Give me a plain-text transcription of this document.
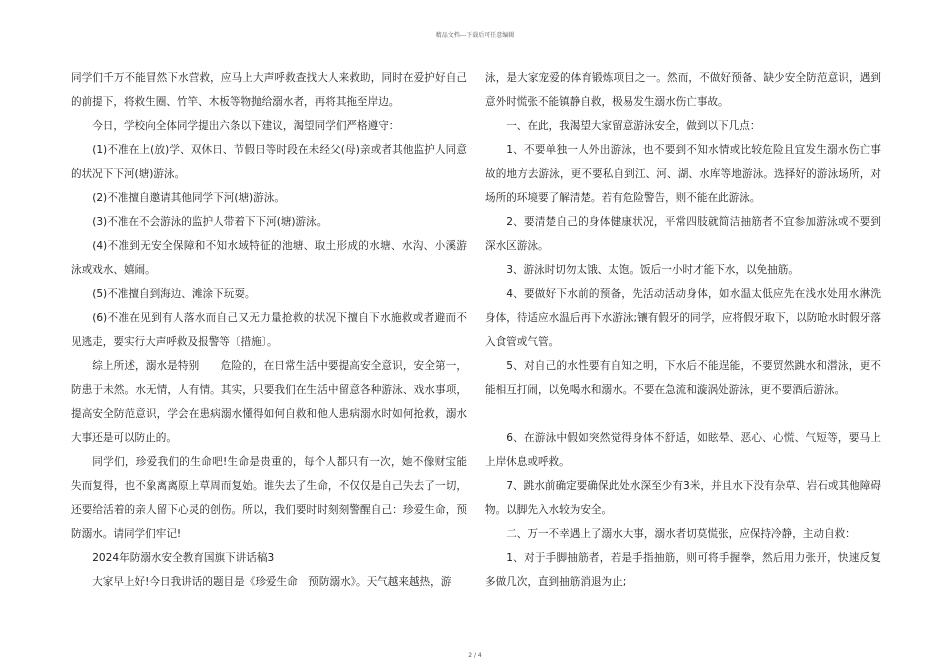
精品文档---下载后可任意编辑

同学们千万不能冒然下水营救，应马上大声呼救查找大人来救助，同时在爱护好自己的前提下，将救生圈、竹竿、木板等物抛给溺水者，再将其拖至岸边。

今日，学校向全体同学提出六条以下建议，渴望同学们严格遵守：

(1)不准在上(放)学、双休日、节假日等时段在未经父(母)亲或者其他监护人同意的状况下下河(塘)游泳。

(2)不准擅自邀请其他同学下河(塘)游泳。

(3)不准在不会游泳的监护人带着下下河(塘)游泳。

(4)不准到无安全保障和不知水域特征的池塘、取土形成的水塘、水沟、小溪游泳或戏水、嬉闹。

(5)不准擅自到海边、滩涂下玩耍。

(6)不准在见到有人落水而自己又无力量抢救的状况下擅自下水施救或者避而不见逃走，要实行大声呼救及报警等〔措施〕。

综上所述，溺水是特别　　危险的，在日常生活中要提高安全意识，安全第一，防患于未然。水无情，人有情。其实，只要我们在生活中留意各种游泳、戏水事项，提高安全防范意识，学会在患病溺水懂得如何自救和他人患病溺水时如何抢救，溺水大事还是可以防止的。

同学们，珍爱我们的生命吧!生命是贵重的，每个人都只有一次，她不像财宝能失而复得，也不象离离原上草周而复始。谁失去了生命，不仅仅是自己失去了一切，还要给活着的亲人留下心灵的创伤。所以，我们要时时刻刻警醒自己：珍爱生命，预防溺水。请同学们牢记!

2024年防溺水安全教育国旗下讲话稿3

大家早上好!今日我讲话的题目是《珍爱生命　预防溺水》。天气越来越热，游

泳，是大家宠爱的体育锻炼项目之一。然而，不做好预备、缺少安全防范意识，遇到意外时慌张不能镇静自救，极易发生溺水伤亡事故。

一、在此，我渴望大家留意游泳安全，做到以下几点：

1、不要单独一人外出游泳，也不要到不知水情或比较危险且宜发生溺水伤亡事故的地方去游泳，更不要私自到江、河、湖、水库等地游泳。选择好的游泳场所，对场所的环境要了解清楚。若有危险警告，则不能在此游泳。

2、要清楚自己的身体健康状况，平常四肢就简洁抽筋者不宜参加游泳或不要到深水区游泳。

3、游泳时切勿太饿、太饱。饭后一小时才能下水，以免抽筋。

4、要做好下水前的预备，先活动活动身体，如水温太低应先在浅水处用水淋洗身体，待适应水温后再下水游泳;镶有假牙的同学，应将假牙取下，以防呛水时假牙落入食管或气管。

5、对自己的水性要有自知之明，下水后不能逞能，不要贸然跳水和潜泳，更不能相互打闹，以免喝水和溺水。不要在急流和漩涡处游泳，更不要酒后游泳。

6、在游泳中假如突然觉得身体不舒适，如眩晕、恶心、心慌、气短等，要马上上岸休息或呼救。

7、跳水前确定要确保此处水深至少有3米，并且水下没有杂草、岩石或其他障碍物。以脚先入水较为安全。

二、万一不幸遇上了溺水大事，溺水者切莫慌张，应保持冷静，主动自救：

1、对于手脚抽筋者，若是手指抽筋，则可将手握拳，然后用力张开，快速反复多做几次，直到抽筋消退为止;

2 / 4
